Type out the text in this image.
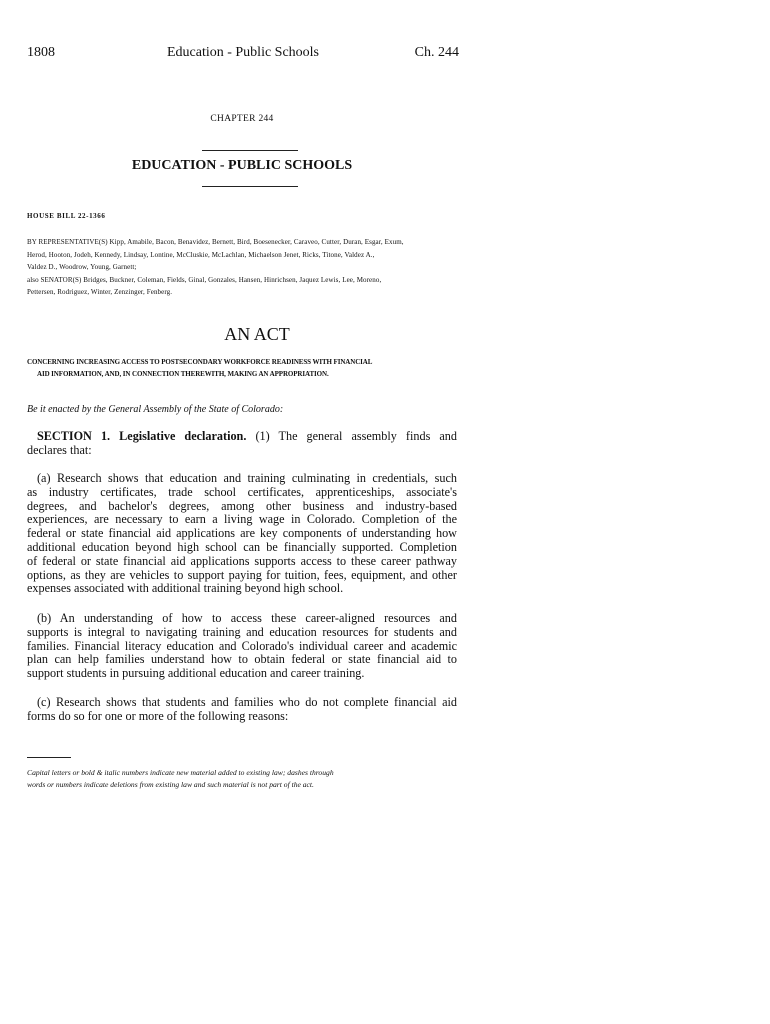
1808	Education - Public Schools	Ch. 244
CHAPTER 244
EDUCATION - PUBLIC SCHOOLS
HOUSE BILL 22-1366

BY REPRESENTATIVE(S) Kipp, Amabile, Bacon, Benavidez, Bernett, Bird, Boesenecker, Caraveo, Cutter, Duran, Esgar, Exum,

Herod, Hooton, Jodeh, Kennedy, Lindsay, Lontine, McCluskie, McLachlan, Michaelson Jenet, Ricks, Titone, Valdez A.,

Valdez D., Woodrow, Young, Garnett;

also SENATOR(S) Bridges, Buckner, Coleman, Fields, Ginal, Gonzales, Hansen, Hinrichsen, Jaquez Lewis, Lee, Moreno,

Pettersen, Rodriguez, Winter, Zenzinger, Fenberg.

AN ACT
CONCERNING INCREASING ACCESS TO POSTSECONDARY WORKFORCE READINESS WITH FINANCIAL
AID INFORMATION, AND, IN CONNECTION THEREWITH, MAKING AN APPROPRIATION.
Be it enacted by the General Assembly of the State of Colorado:
SECTION 1. Legislative declaration. (1) The general assembly finds and
declares that:
(a) Research shows that education and training culminating in credentials, such
as industry certificates, trade school certificates, apprenticeships, associate's
degrees, and bachelor's degrees, among other business and industry-based
experiences, are necessary to earn a living wage in Colorado. Completion of the
federal or state financial aid applications are key components of understanding how
additional education beyond high school can be financially supported. Completion
of federal or state financial aid applications supports access to these career pathway
options, as they are vehicles to support paying for tuition, fees, equipment, and other
expenses associated with additional training beyond high school.
(b) An understanding of how to access these career-aligned resources and
supports is integral to navigating training and education resources for students and
families. Financial literacy education and Colorado's individual career and academic
plan can help families understand how to obtain federal or state financial aid to
support students in pursuing additional education and career training.
(c) Research shows that students and families who do not complete financial aid
forms do so for one or more of the following reasons:
Capital letters or bold & italic numbers indicate new material added to existing law; dashes through
words or numbers indicate deletions from existing law and such material is not part of the act.
